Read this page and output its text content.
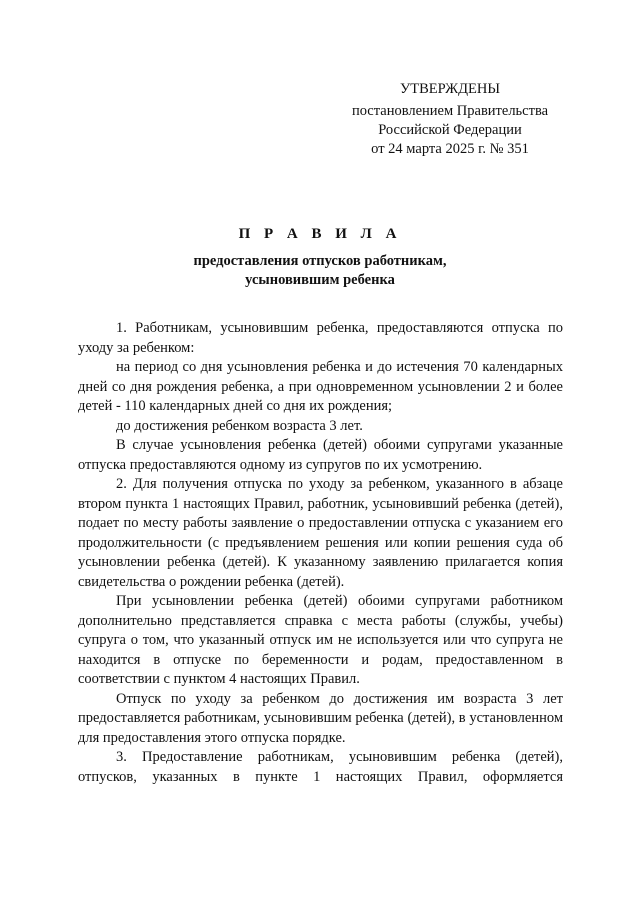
УТВЕРЖДЕНЫ
постановлением Правительства
Российской Федерации
от 24 марта 2025 г. № 351
П Р А В И Л А
предоставления отпусков работникам,
усыновившим ребенка

1. Работникам, усыновившим ребенка, предоставляются отпуска по уходу за ребенком:

на период со дня усыновления ребенка и до истечения 70 календарных дней со дня рождения ребенка, а при одновременном усыновлении 2 и более детей - 110 календарных дней со дня их рождения;

до достижения ребенком возраста 3 лет.

В случае усыновления ребенка (детей) обоими супругами указанные отпуска предоставляются одному из супругов по их усмотрению.

2. Для получения отпуска по уходу за ребенком, указанного в абзаце втором пункта 1 настоящих Правил, работник, усыновивший ребенка (детей), подает по месту работы заявление о предоставлении отпуска с указанием его продолжительности (с предъявлением решения или копии решения суда об усыновлении ребенка (детей). К указанному заявлению прилагается копия свидетельства о рождении ребенка (детей).

При усыновлении ребенка (детей) обоими супругами работником дополнительно представляется справка с места работы (службы, учебы) супруга о том, что указанный отпуск им не используется или что супруга не находится в отпуске по беременности и родам, предоставленном в соответствии с пунктом 4 настоящих Правил.

Отпуск по уходу за ребенком до достижения им возраста 3 лет предоставляется работникам, усыновившим ребенка (детей), в установленном для предоставления этого отпуска порядке.

3. Предоставление работникам, усыновившим ребенка (детей), отпусков, указанных в пункте 1 настоящих Правил, оформляется
